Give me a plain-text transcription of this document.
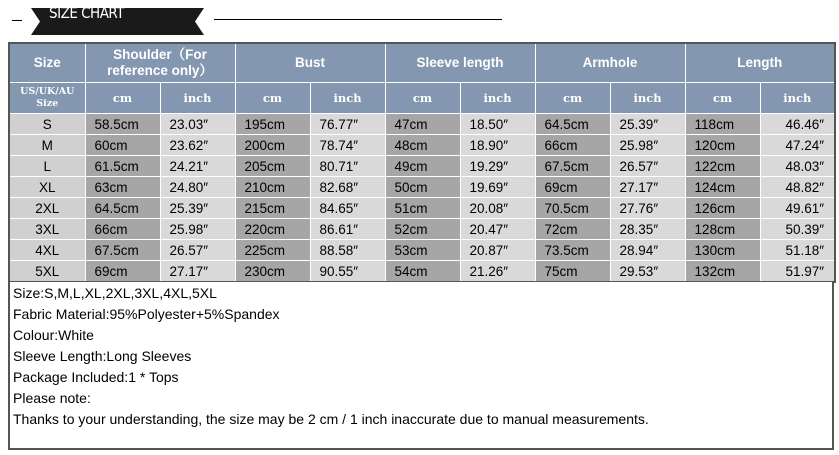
SIZE CHART
Size	Shoulder（For reference only）		Bust		Sleeve length		Armhole		Length	
US/UK/AU Size	cm	inch	cm	inch	cm	inch	cm	inch	cm	inch
S	58.5cm	23.03″	195cm	76.77″	47cm	18.50″	64.5cm	25.39″	118cm	46.46″
M	60cm	23.62″	200cm	78.74″	48cm	18.90″	66cm	25.98″	120cm	47.24″
L	61.5cm	24.21″	205cm	80.71″	49cm	19.29″	67.5cm	26.57″	122cm	48.03″
XL	63cm	24.80″	210cm	82.68″	50cm	19.69″	69cm	27.17″	124cm	48.82″
2XL	64.5cm	25.39″	215cm	84.65″	51cm	20.08″	70.5cm	27.76″	126cm	49.61″
3XL	66cm	25.98″	220cm	86.61″	52cm	20.47″	72cm	28.35″	128cm	50.39″
4XL	67.5cm	26.57″	225cm	88.58″	53cm	20.87″	73.5cm	28.94″	130cm	51.18″
5XL	69cm	27.17″	230cm	90.55″	54cm	21.26″	75cm	29.53″	132cm	51.97″
Size:S,M,L,XL,2XL,3XL,4XL,5XL
Fabric Material:95%Polyester+5%Spandex
Colour:White
Sleeve Length:Long Sleeves
Package Included:1 * Tops
Please note:
Thanks to your understanding, the size may be 2 cm / 1 inch inaccurate due to manual measurements.
